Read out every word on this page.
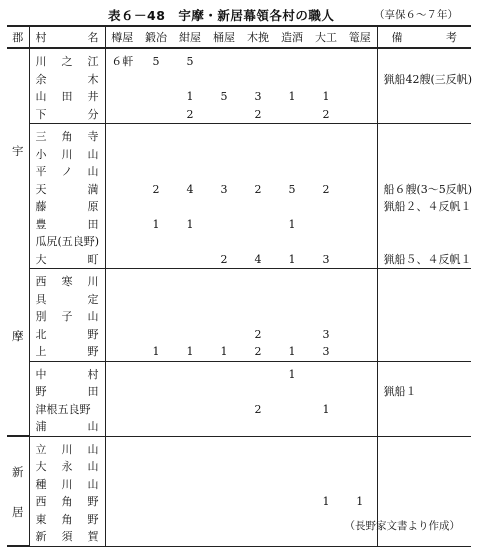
表６－48　 宇摩・新居幕領各村の職人	（享保６～７年）
郡	村 名	樽屋	鍛冶	紺屋	桶屋	木挽	造酒	大工	篭屋	備 考

宇
摩	川 之 江	６軒	5	5						

	余 木									猟船42艘(三反帆)

	山 田 井			1	5	3	1	1		

	下 分			2		2		2		

	三 角 寺									

	小 川 山									

	平 ノ 山									

	天 満		2	4	3	2	5	2		船６艘(3～5反帆)

	藤 原									猟船２、４反帆１

	豊 田		1	1			1			
	瓜尻(五良野)									

	大 町				2	4	1	3		猟船５、４反帆１

	西 寒 川									

	具 定									

	別 子 山									

	北 野					2		3		

	上 野		1	1	1	2	1	3		

	中 村						1			

	野 田									猟船１
	津根五良野					2		1		

	浦 山									

新
居	立 川 山									

	大 永 山									

	種 川 山									

	西 角 野							1	1	

	東 角 野									

	新 須 賀									

（長野家文書より作成）
